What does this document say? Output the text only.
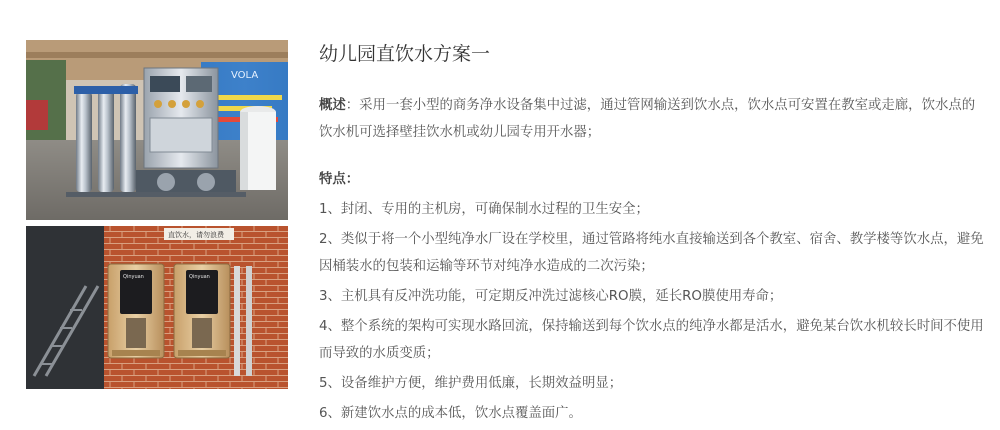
VOLA
直饮水，请勿浪费
Qinyuan	Qinyuan
幼儿园直饮水方案一

概述：采用一套小型的商务净水设备集中过滤，通过管网输送到饮水点，饮水点可安置在教室或走廊，饮水点的饮水机可选择壁挂饮水机或幼儿园专用开水器；

特点：

1、封闭、专用的主机房，可确保制水过程的卫生安全；

2、类似于将一个小型纯净水厂设在学校里，通过管路将纯水直接输送到各个教室、宿舍、教学楼等饮水点，避免因桶装水的包装和运输等环节对纯净水造成的二次污染；

3、主机具有反冲洗功能，可定期反冲洗过滤核心RO膜，延长RO膜使用寿命；

4、整个系统的架构可实现水路回流，保持输送到每个饮水点的纯净水都是活水，避免某台饮水机较长时间不使用而导致的水质变质；

5、设备维护方便，维护费用低廉，长期效益明显；

6、新建饮水点的成本低，饮水点覆盖面广。
